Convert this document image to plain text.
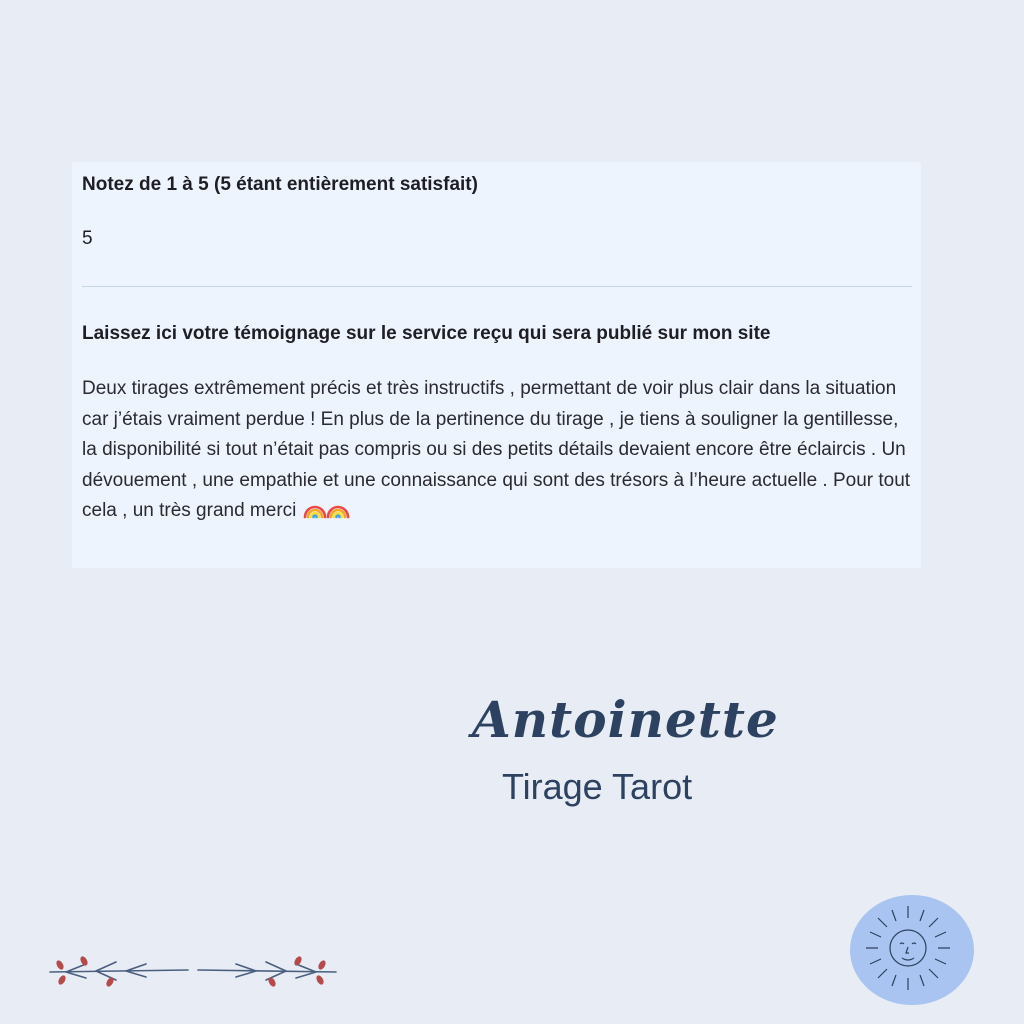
Notez de 1 à 5 (5 étant entièrement satisfait)
5
Laissez ici votre témoignage sur le service reçu qui sera publié sur mon site
Deux tirages extrêmement précis et très instructifs , permettant de voir plus clair dans la situation car j’étais vraiment perdue ! En plus de la pertinence du tirage , je tiens à souligner la gentillesse, la disponibilité si tout n’était pas compris ou si des petits détails devaient encore être éclaircis . Un dévouement , une empathie et une connaissance qui sont des trésors à l’heure actuelle . Pour tout cela , un très grand merci
Antoinette
Tirage Tarot
